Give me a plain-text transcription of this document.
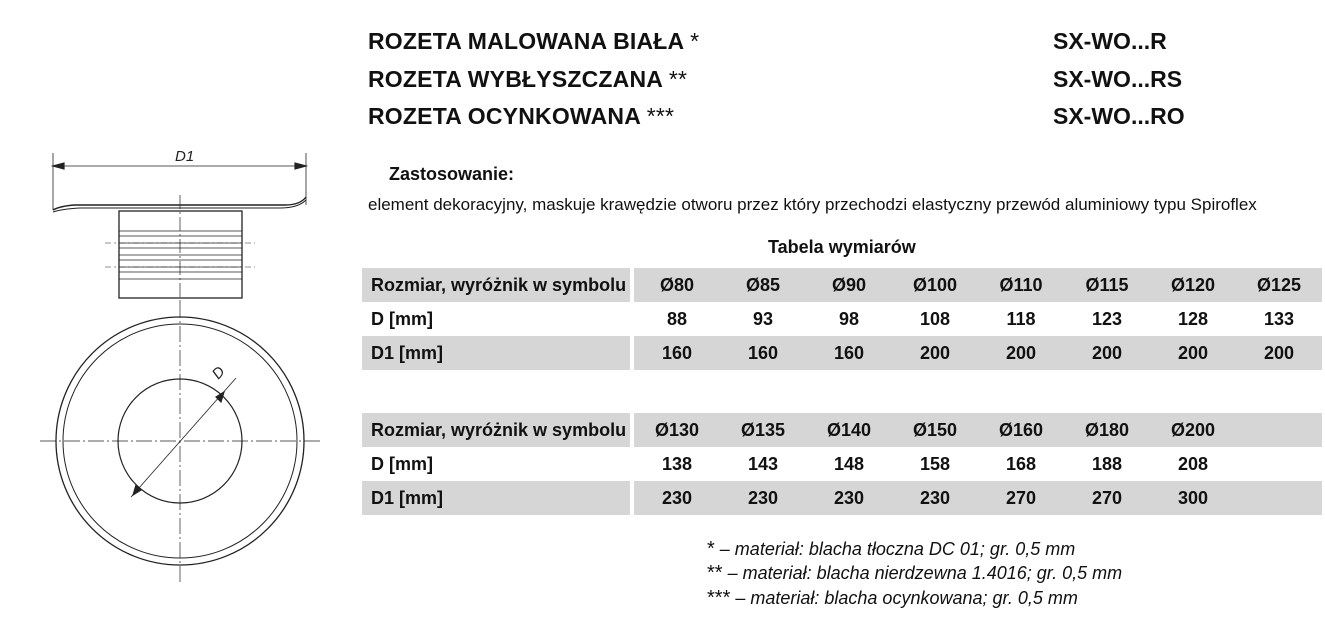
D1
D
ROZETA MALOWANA BIAŁA *
ROZETA WYBŁYSZCZANA **
ROZETA OCYNKOWANA ***
SX-WO...R
SX-WO...RS
SX-WO...RO
Zastosowanie:
element dekoracyjny, maskuje krawędzie otworu przez który przechodzi elastyczny przewód aluminiowy typu Spiroflex
Tabela wymiarów
Rozmiar, wyróżnik w symbolu		Ø80	Ø85	Ø90	Ø100	Ø110	Ø115	Ø120	Ø125
D [mm]		88	93	98	108	118	123	128	133
D1 [mm]		160	160	160	200	200	200	200	200
Rozmiar, wyróżnik w symbolu		Ø130	Ø135	Ø140	Ø150	Ø160	Ø180	Ø200	
D [mm]		138	143	148	158	168	188	208	
D1 [mm]		230	230	230	230	270	270	300	
* – materiał: blacha tłoczna DC 01; gr. 0,5 mm
** – materiał: blacha nierdzewna 1.4016; gr. 0,5 mm
*** – materiał: blacha ocynkowana; gr. 0,5 mm
